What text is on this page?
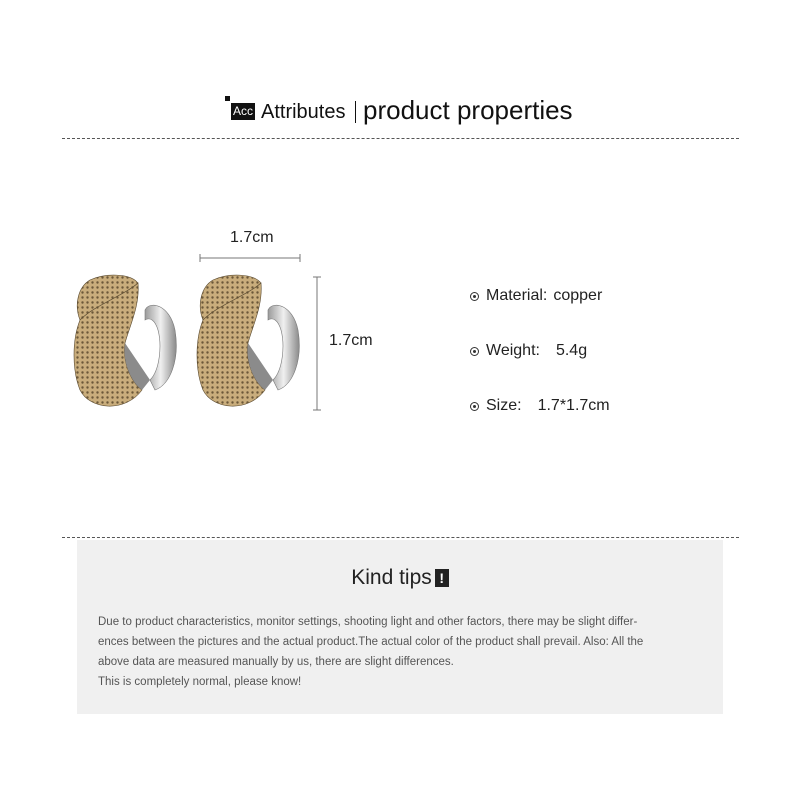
Acc Attributes product properties
1.7cm
1.7cm
Material: copper
Weight: 5.4g
Size: 1.7*1.7cm
Kind tips !

Due to product characteristics, monitor settings, shooting light and other factors, there may be slight differ-

ences between the pictures and the actual product.The actual color of the product shall prevail. Also: All the

above data are measured manually by us, there are slight differences.

This is completely normal, please know!
